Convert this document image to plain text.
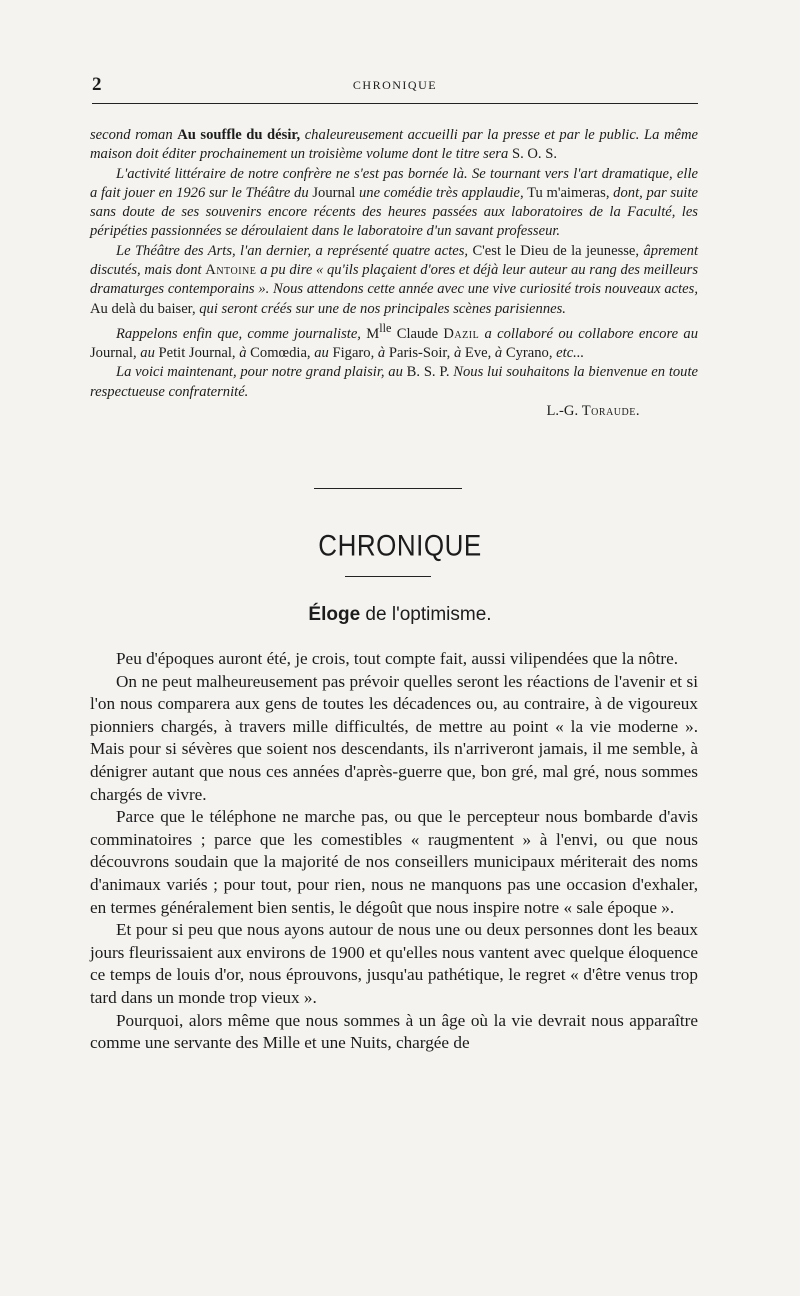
2	CHRONIQUE

second roman Au souffle du désir, chaleureusement accueilli par la presse et par le public. La même maison doit éditer prochainement un troisième volume dont le titre sera S. O. S.

L'activité littéraire de notre confrère ne s'est pas bornée là. Se tournant vers l'art dramatique, elle a fait jouer en 1926 sur le Théâtre du Journal une comédie très applaudie, Tu m'aimeras, dont, par suite sans doute de ses souvenirs encore récents des heures passées aux laboratoires de la Faculté, les péripéties passionnées se déroulaient dans le laboratoire d'un savant professeur.

Le Théâtre des Arts, l'an dernier, a représenté quatre actes, C'est le Dieu de la jeunesse, âprement discutés, mais dont Antoine a pu dire « qu'ils plaçaient d'ores et déjà leur auteur au rang des meilleurs dramaturges contemporains ». Nous attendons cette année avec une vive curiosité trois nouveaux actes, Au delà du baiser, qui seront créés sur une de nos principales scènes parisiennes.

Rappelons enfin que, comme journaliste, $M^{lle}$ Claude Dazil a collaboré ou collabore encore au Journal, au Petit Journal, à Comœdia, au Figaro, à Paris-Soir, à Eve, à Cyrano, etc...

La voici maintenant, pour notre grand plaisir, au B. S. P. Nous lui souhaitons la bienvenue en toute respectueuse confraternité.

L.-G. Toraude.

CHRONIQUE
Éloge de l'optimisme.

Peu d'époques auront été, je crois, tout compte fait, aussi vilipendées que la nôtre.

On ne peut malheureusement pas prévoir quelles seront les réactions de l'avenir et si l'on nous comparera aux gens de toutes les décadences ou, au contraire, à de vigoureux pionniers chargés, à travers mille difficultés, de mettre au point « la vie moderne ». Mais pour si sévères que soient nos descendants, ils n'arriveront jamais, il me semble, à dénigrer autant que nous ces années d'après-guerre que, bon gré, mal gré, nous sommes chargés de vivre.

Parce que le téléphone ne marche pas, ou que le percepteur nous bombarde d'avis comminatoires ; parce que les comestibles « raugmentent » à l'envi, ou que nous découvrons soudain que la majorité de nos conseillers municipaux mériterait des noms d'animaux variés ; pour tout, pour rien, nous ne manquons pas une occasion d'exhaler, en termes généralement bien sentis, le dégoût que nous inspire notre « sale époque ».

Et pour si peu que nous ayons autour de nous une ou deux personnes dont les beaux jours fleurissaient aux environs de 1900 et qu'elles nous vantent avec quelque éloquence ce temps de louis d'or, nous éprouvons, jusqu'au pathétique, le regret « d'être venus trop tard dans un monde trop vieux ».

Pourquoi, alors même que nous sommes à un âge où la vie devrait nous apparaître comme une servante des Mille et une Nuits, chargée de
